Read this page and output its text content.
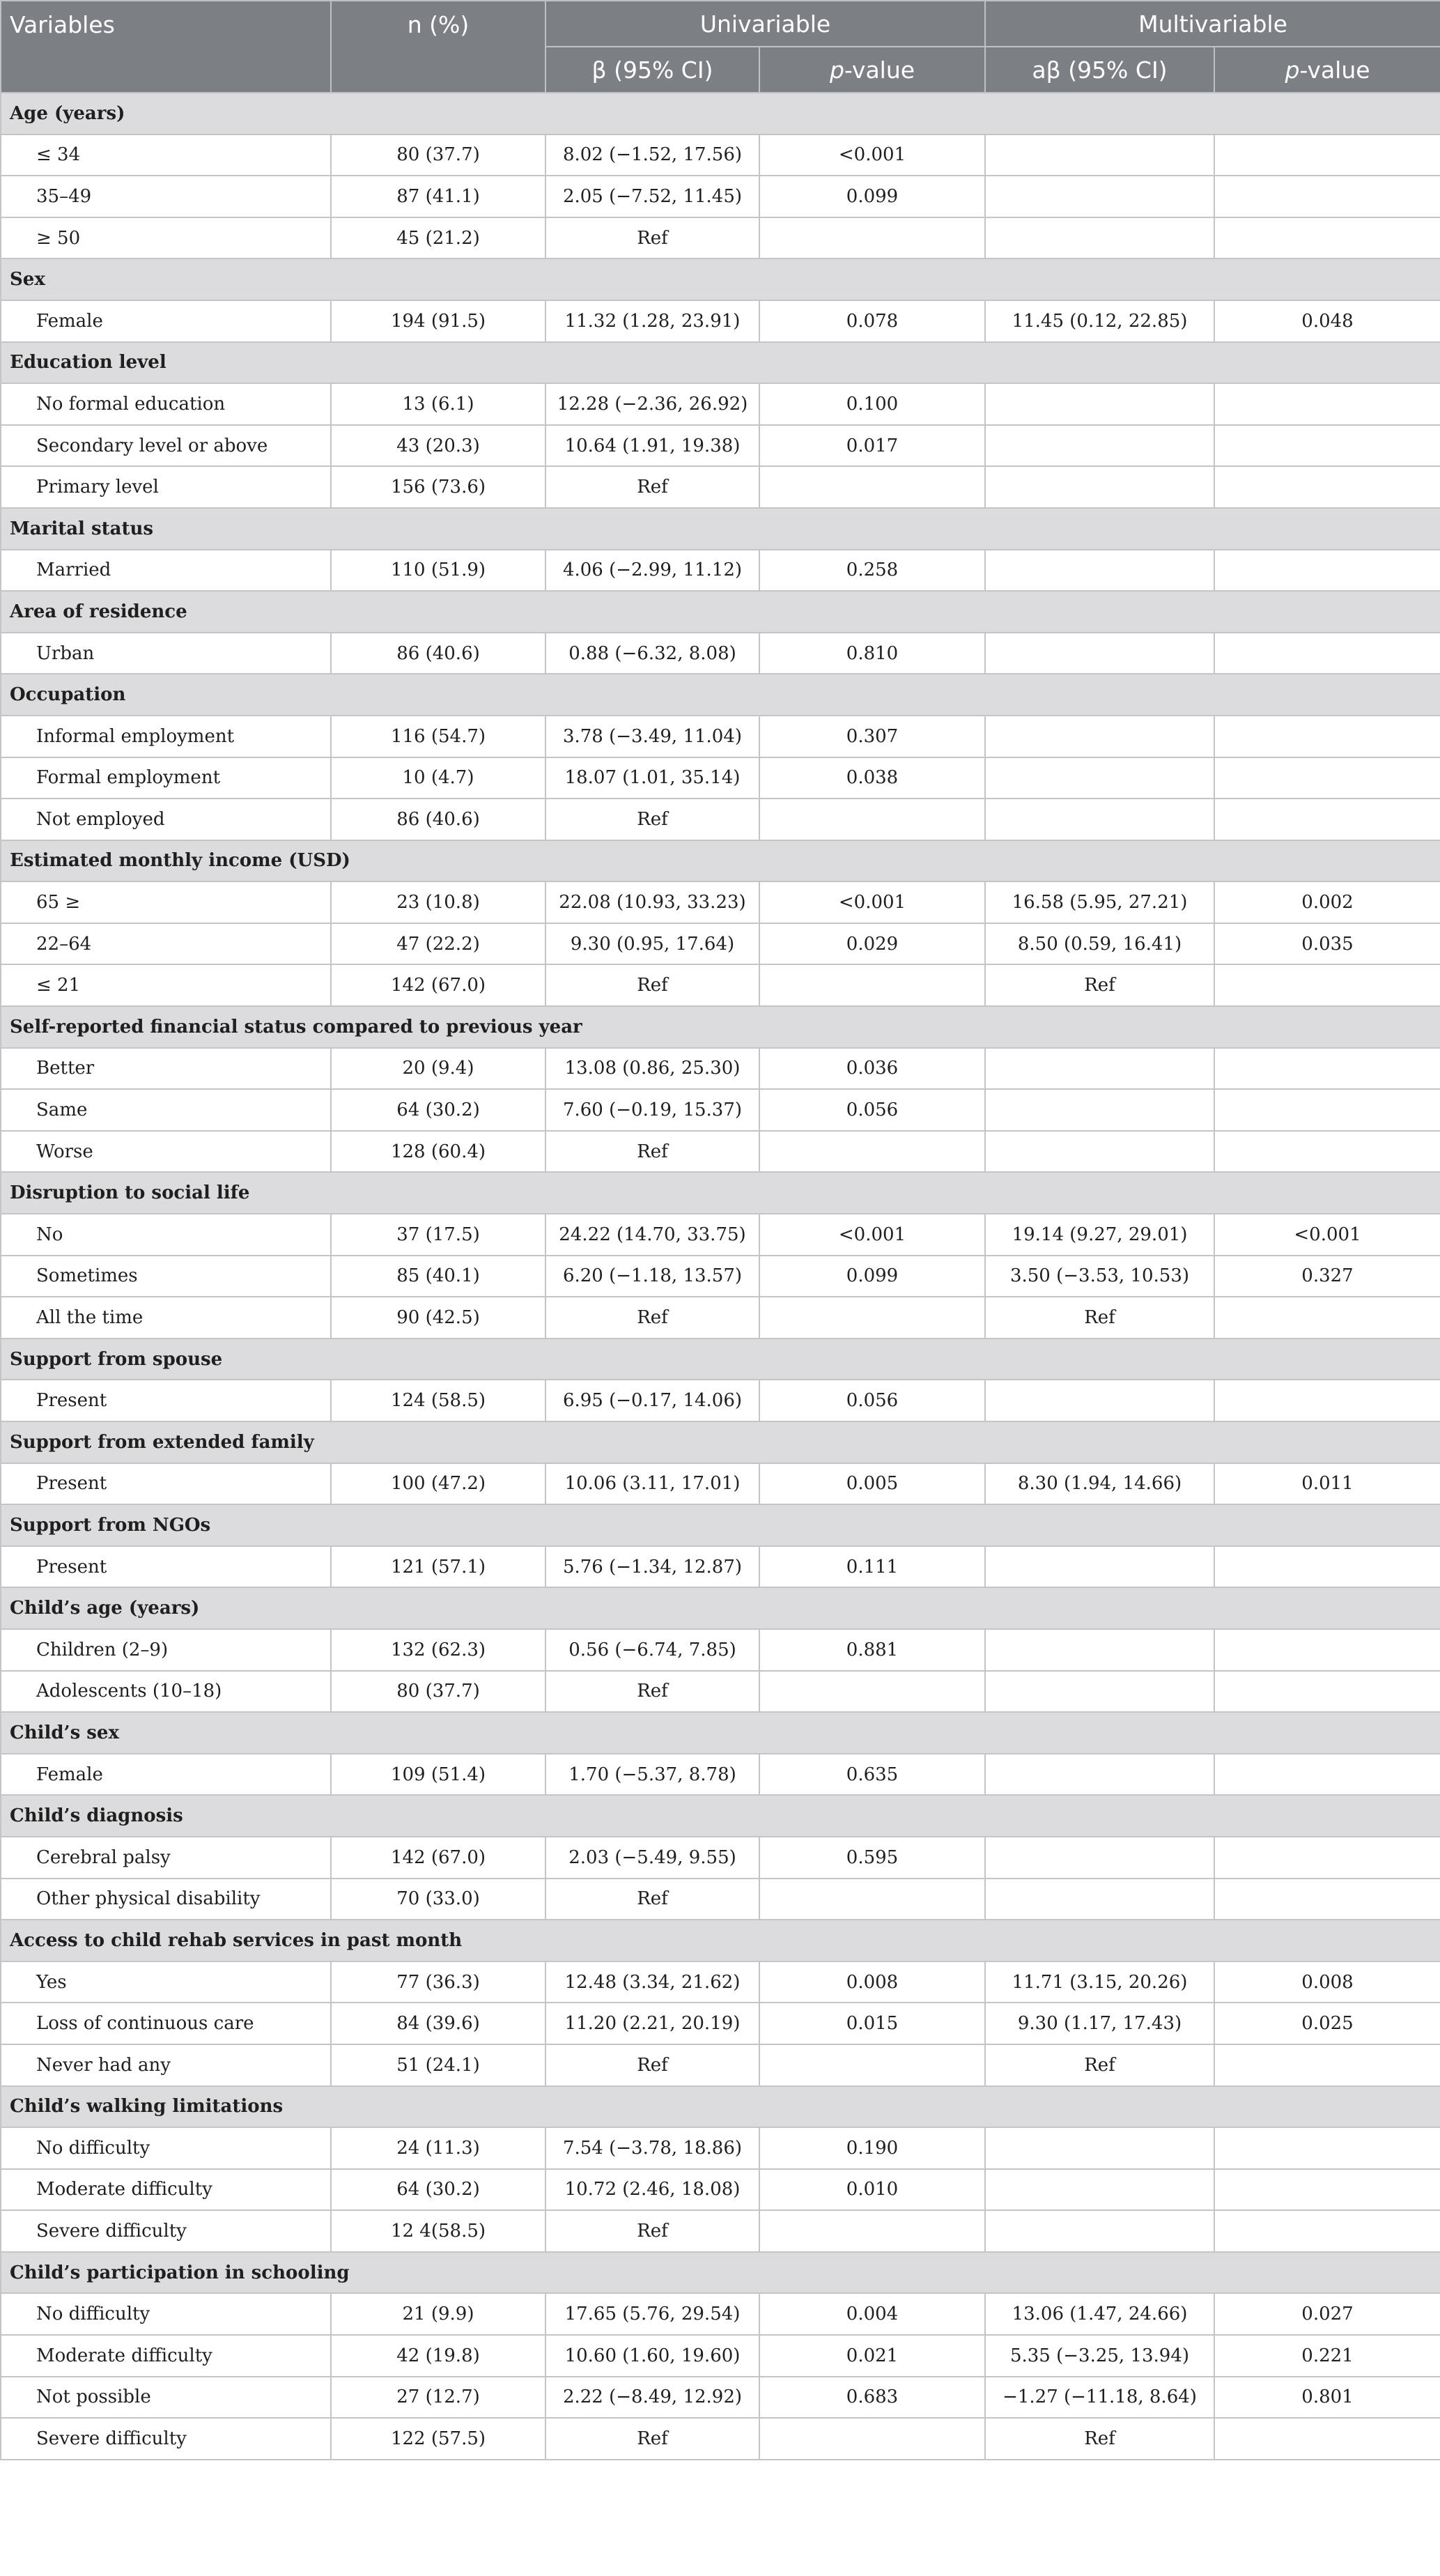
Variables	n (%)	Univariable		Multivariable	
		β (95% CI)	p-value	aβ (95% CI)	p-value
Age (years)					
≤ 34	80 (37.7)	8.02 (−1.52, 17.56)	<0.001		
35–49	87 (41.1)	2.05 (−7.52, 11.45)	0.099		
≥ 50	45 (21.2)	Ref			
Sex					
Female	194 (91.5)	11.32 (1.28, 23.91)	0.078	11.45 (0.12, 22.85)	0.048
Education level					
No formal education	13 (6.1)	12.28 (−2.36, 26.92)	0.100		
Secondary level or above	43 (20.3)	10.64 (1.91, 19.38)	0.017		
Primary level	156 (73.6)	Ref			
Marital status					
Married	110 (51.9)	4.06 (−2.99, 11.12)	0.258		
Area of residence					
Urban	86 (40.6)	0.88 (−6.32, 8.08)	0.810		
Occupation					
Informal employment	116 (54.7)	3.78 (−3.49, 11.04)	0.307		
Formal employment	10 (4.7)	18.07 (1.01, 35.14)	0.038		
Not employed	86 (40.6)	Ref			
Estimated monthly income (USD)					
65 ≥	23 (10.8)	22.08 (10.93, 33.23)	<0.001	16.58 (5.95, 27.21)	0.002
22–64	47 (22.2)	9.30 (0.95, 17.64)	0.029	8.50 (0.59, 16.41)	0.035
≤ 21	142 (67.0)	Ref		Ref	
Self-reported financial status compared to previous year					
Better	20 (9.4)	13.08 (0.86, 25.30)	0.036		
Same	64 (30.2)	7.60 (−0.19, 15.37)	0.056		
Worse	128 (60.4)	Ref			
Disruption to social life					
No	37 (17.5)	24.22 (14.70, 33.75)	<0.001	19.14 (9.27, 29.01)	<0.001
Sometimes	85 (40.1)	6.20 (−1.18, 13.57)	0.099	3.50 (−3.53, 10.53)	0.327
All the time	90 (42.5)	Ref		Ref	
Support from spouse					
Present	124 (58.5)	6.95 (−0.17, 14.06)	0.056		
Support from extended family					
Present	100 (47.2)	10.06 (3.11, 17.01)	0.005	8.30 (1.94, 14.66)	0.011
Support from NGOs					
Present	121 (57.1)	5.76 (−1.34, 12.87)	0.111		
Child’s age (years)					
Children (2–9)	132 (62.3)	0.56 (−6.74, 7.85)	0.881		
Adolescents (10–18)	80 (37.7)	Ref			
Child’s sex					
Female	109 (51.4)	1.70 (−5.37, 8.78)	0.635		
Child’s diagnosis					
Cerebral palsy	142 (67.0)	2.03 (−5.49, 9.55)	0.595		
Other physical disability	70 (33.0)	Ref			
Access to child rehab services in past month					
Yes	77 (36.3)	12.48 (3.34, 21.62)	0.008	11.71 (3.15, 20.26)	0.008
Loss of continuous care	84 (39.6)	11.20 (2.21, 20.19)	0.015	9.30 (1.17, 17.43)	0.025
Never had any	51 (24.1)	Ref		Ref	
Child’s walking limitations					
No difficulty	24 (11.3)	7.54 (−3.78, 18.86)	0.190		
Moderate difficulty	64 (30.2)	10.72 (2.46, 18.08)	0.010		
Severe difficulty	12 4(58.5)	Ref			
Child’s participation in schooling					
No difficulty	21 (9.9)	17.65 (5.76, 29.54)	0.004	13.06 (1.47, 24.66)	0.027
Moderate difficulty	42 (19.8)	10.60 (1.60, 19.60)	0.021	5.35 (−3.25, 13.94)	0.221
Not possible	27 (12.7)	2.22 (−8.49, 12.92)	0.683	−1.27 (−11.18, 8.64)	0.801
Severe difficulty	122 (57.5)	Ref		Ref	
